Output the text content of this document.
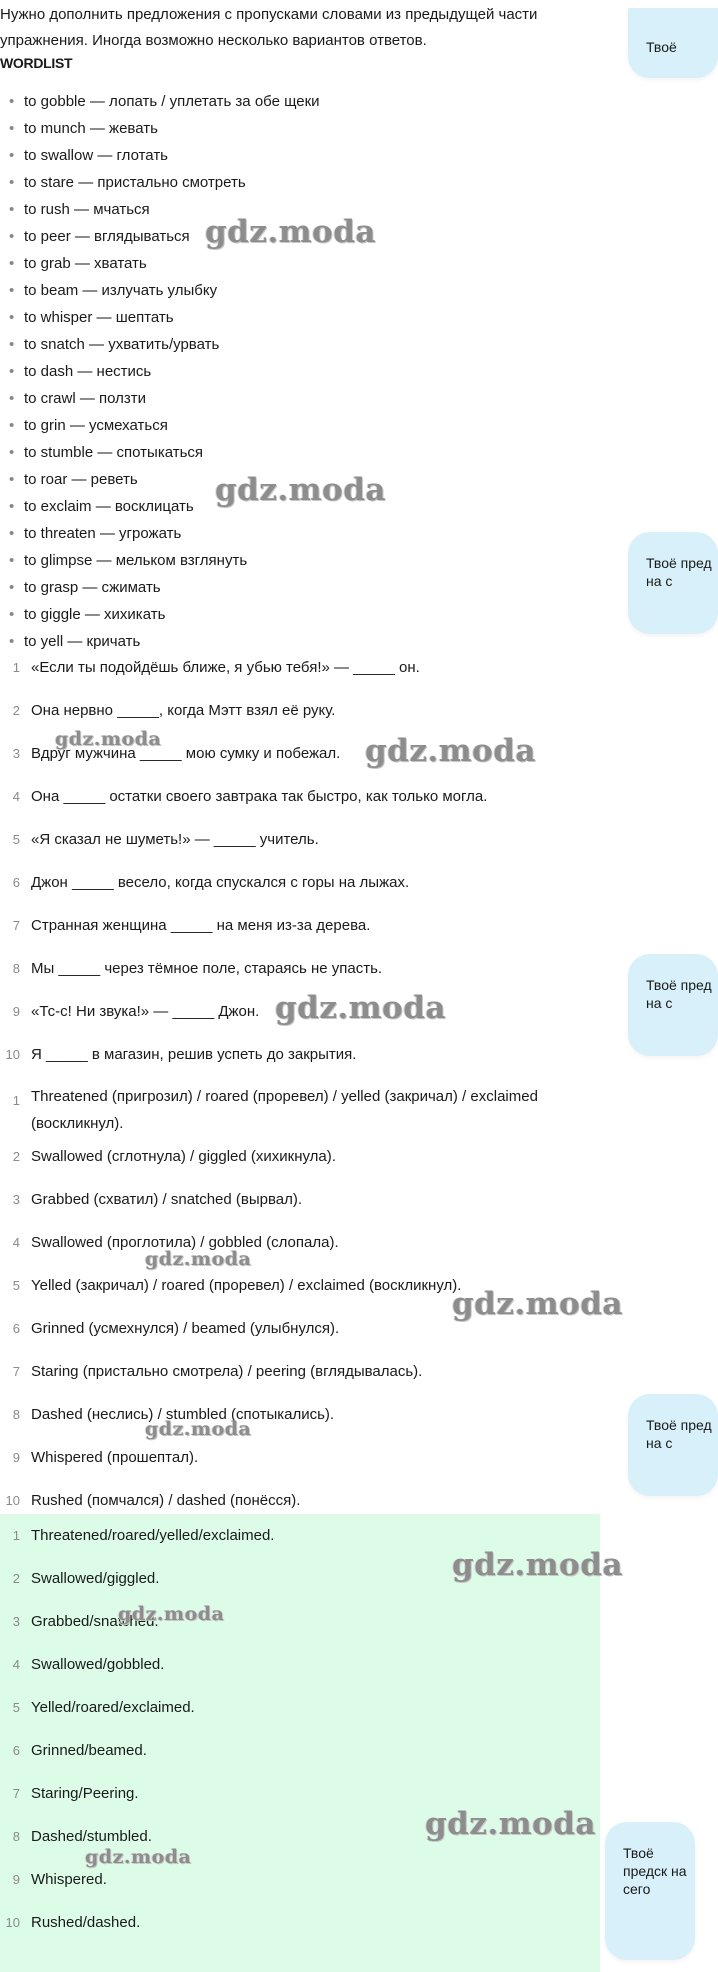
Твоё
Твоё пред на с
Твоё пред на с
Твоё пред на с

Нужно дополнить предложения с пропусками словами из предыдущей части упражнения. Иногда возможно несколько вариантов ответов.

WORDLIST

• to gobble — лопать / уплетать за обе щеки
• to munch — жевать
• to swallow — глотать
• to stare — пристально смотреть
• to rush — мчаться
• to peer — вглядываться
• to grab — хватать
• to beam — излучать улыбку
• to whisper — шептать
• to snatch — ухватить/урвать
• to dash — нестись
• to crawl — ползти
• to grin — усмехаться
• to stumble — спотыкаться
• to roar — реветь
• to exclaim — восклицать
• to threaten — угрожать
• to glimpse — мельком взглянуть
• to grasp — сжимать
• to giggle — хихикать
• to yell — кричать
1 «Если ты подойдёшь ближе, я убью тебя!» — _____ он.
2 Она нервно _____, когда Мэтт взял её руку.
3 Вдруг мужчина _____ мою сумку и побежал.
4 Она _____ остатки своего завтрака так быстро, как только могла.
5 «Я сказал не шуметь!» — _____ учитель.
6 Джон _____ весело, когда спускался с горы на лыжах.
7 Странная женщина _____ на меня из-за дерева.
8 Мы _____ через тёмное поле, стараясь не упасть.
9 «Тс-с! Ни звука!» — _____ Джон.
10 Я _____ в магазин, решив успеть до закрытия.
1 Threatened (пригрозил) / roared (проревел) / yelled (закричал) / exclaimed (воскликнул).
2 Swallowed (сглотнула) / giggled (хихикнула).
3 Grabbed (схватил) / snatched (вырвал).
4 Swallowed (проглотила) / gobbled (слопала).
5 Yelled (закричал) / roared (проревел) / exclaimed (воскликнул).
6 Grinned (усмехнулся) / beamed (улыбнулся).
7 Staring (пристально смотрела) / peering (вглядывалась).
8 Dashed (неслись) / stumbled (спотыкались).
9 Whispered (прошептал).
10 Rushed (помчался) / dashed (понёсся).
1 Threatened/roared/yelled/exclaimed.
2 Swallowed/giggled.
3 Grabbed/snatched.
4 Swallowed/gobbled.
5 Yelled/roared/exclaimed.
6 Grinned/beamed.
7 Staring/Peering.
8 Dashed/stumbled.
9 Whispered.
10 Rushed/dashed.
gdz.moda
gdz.moda
gdz.moda	gdz.moda
gdz.moda
gdz.moda
gdz.moda
gdz.moda
gdz.moda
gdz.moda
gdz.moda
gdz.moda	Твоё предск на сего
